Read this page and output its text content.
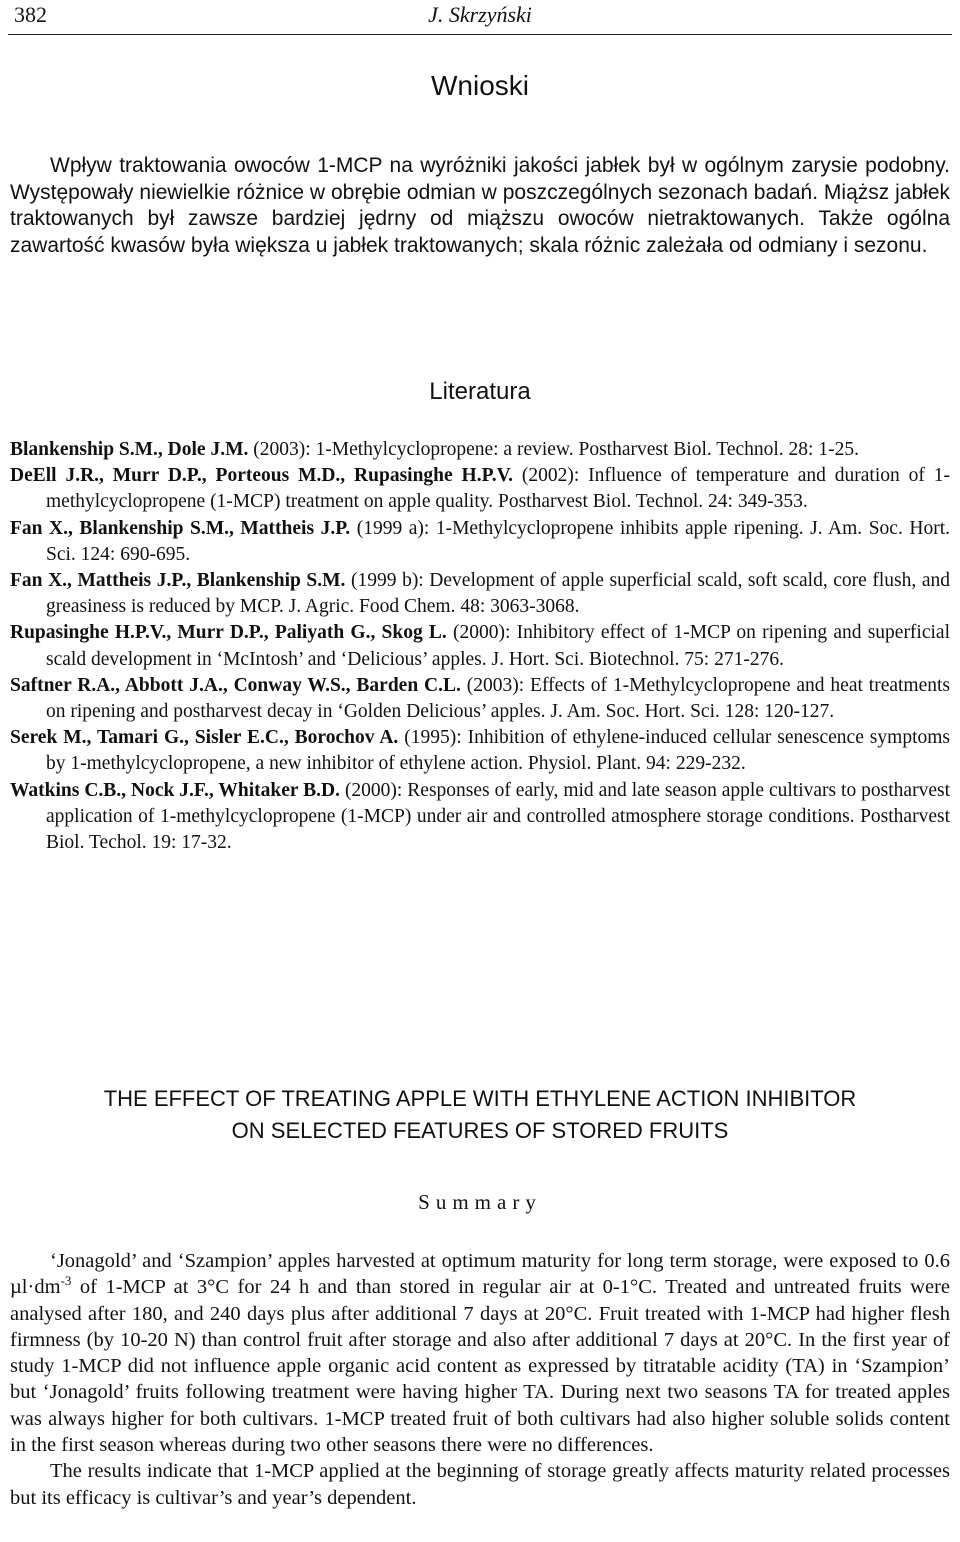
382	J. Skrzyński
Wnioski

Wpływ traktowania owoców 1-MCP na wyróżniki jakości jabłek był w ogólnym zarysie podobny. Występowały niewielkie różnice w obrębie odmian w poszczególnych sezonach badań. Miąższ jabłek traktowanych był zawsze bardziej jędrny od miąższu owoców nietraktowanych. Także ogólna zawartość kwasów była większa u jabłek traktowanych; skala różnic zależała od odmiany i sezonu.

Literatura

Blankenship S.M., Dole J.M. (2003): 1-Methylcyclopropene: a review. Postharvest Biol. Technol. 28: 1-25.

DeEll J.R., Murr D.P., Porteous M.D., Rupasinghe H.P.V. (2002): Influence of temperature and duration of 1-methylcyclopropene (1-MCP) treatment on apple quality. Postharvest Biol. Technol. 24: 349-353.

Fan X., Blankenship S.M., Mattheis J.P. (1999 a): 1-Methylcyclopropene inhibits apple ripening. J. Am. Soc. Hort. Sci. 124: 690-695.

Fan X., Mattheis J.P., Blankenship S.M. (1999 b): Development of apple superficial scald, soft scald, core flush, and greasiness is reduced by MCP. J. Agric. Food Chem. 48: 3063-3068.

Rupasinghe H.P.V., Murr D.P., Paliyath G., Skog L. (2000): Inhibitory effect of 1-MCP on ripening and superficial scald development in ‘McIntosh’ and ‘Delicious’ apples. J. Hort. Sci. Biotechnol. 75: 271-276.

Saftner R.A., Abbott J.A., Conway W.S., Barden C.L. (2003): Effects of 1-Methylcyclopropene and heat treatments on ripening and postharvest decay in ‘Golden Delicious’ apples. J. Am. Soc. Hort. Sci. 128: 120-127.

Serek M., Tamari G., Sisler E.C., Borochov A. (1995): Inhibition of ethylene-induced cellular senescence symptoms by 1-methylcyclopropene, a new inhibitor of ethylene action. Physiol. Plant. 94: 229-232.

Watkins C.B., Nock J.F., Whitaker B.D. (2000): Responses of early, mid and late season apple cultivars to postharvest application of 1-methylcyclopropene (1-MCP) under air and controlled atmosphere storage conditions. Postharvest Biol. Techol. 19: 17-32.

THE EFFECT OF TREATING APPLE WITH ETHYLENE ACTION INHIBITOR
ON SELECTED FEATURES OF STORED FRUITS
Summary

‘Jonagold’ and ‘Szampion’ apples harvested at optimum maturity for long term storage, were exposed to 0.6 $\mu l\cdot dm^{-3}$ of 1-MCP at 3°C for 24 h and than stored in regular air at 0-1°C. Treated and untreated fruits were analysed after 180, and 240 days plus after additional 7 days at 20°C. Fruit treated with 1-MCP had higher flesh firmness (by 10-20 N) than control fruit after storage and also after additional 7 days at 20°C. In the first year of study 1-MCP did not influence apple organic acid content as expressed by titratable acidity (TA) in ‘Szampion’ but ‘Jonagold’ fruits following treatment were having higher TA. During next two seasons TA for treated apples was always higher for both cultivars. 1-MCP treated fruit of both cultivars had also higher soluble solids content in the first season whereas during two other seasons there were no differences.

The results indicate that 1-MCP applied at the beginning of storage greatly affects maturity related processes but its efficacy is cultivar’s and year’s dependent.
